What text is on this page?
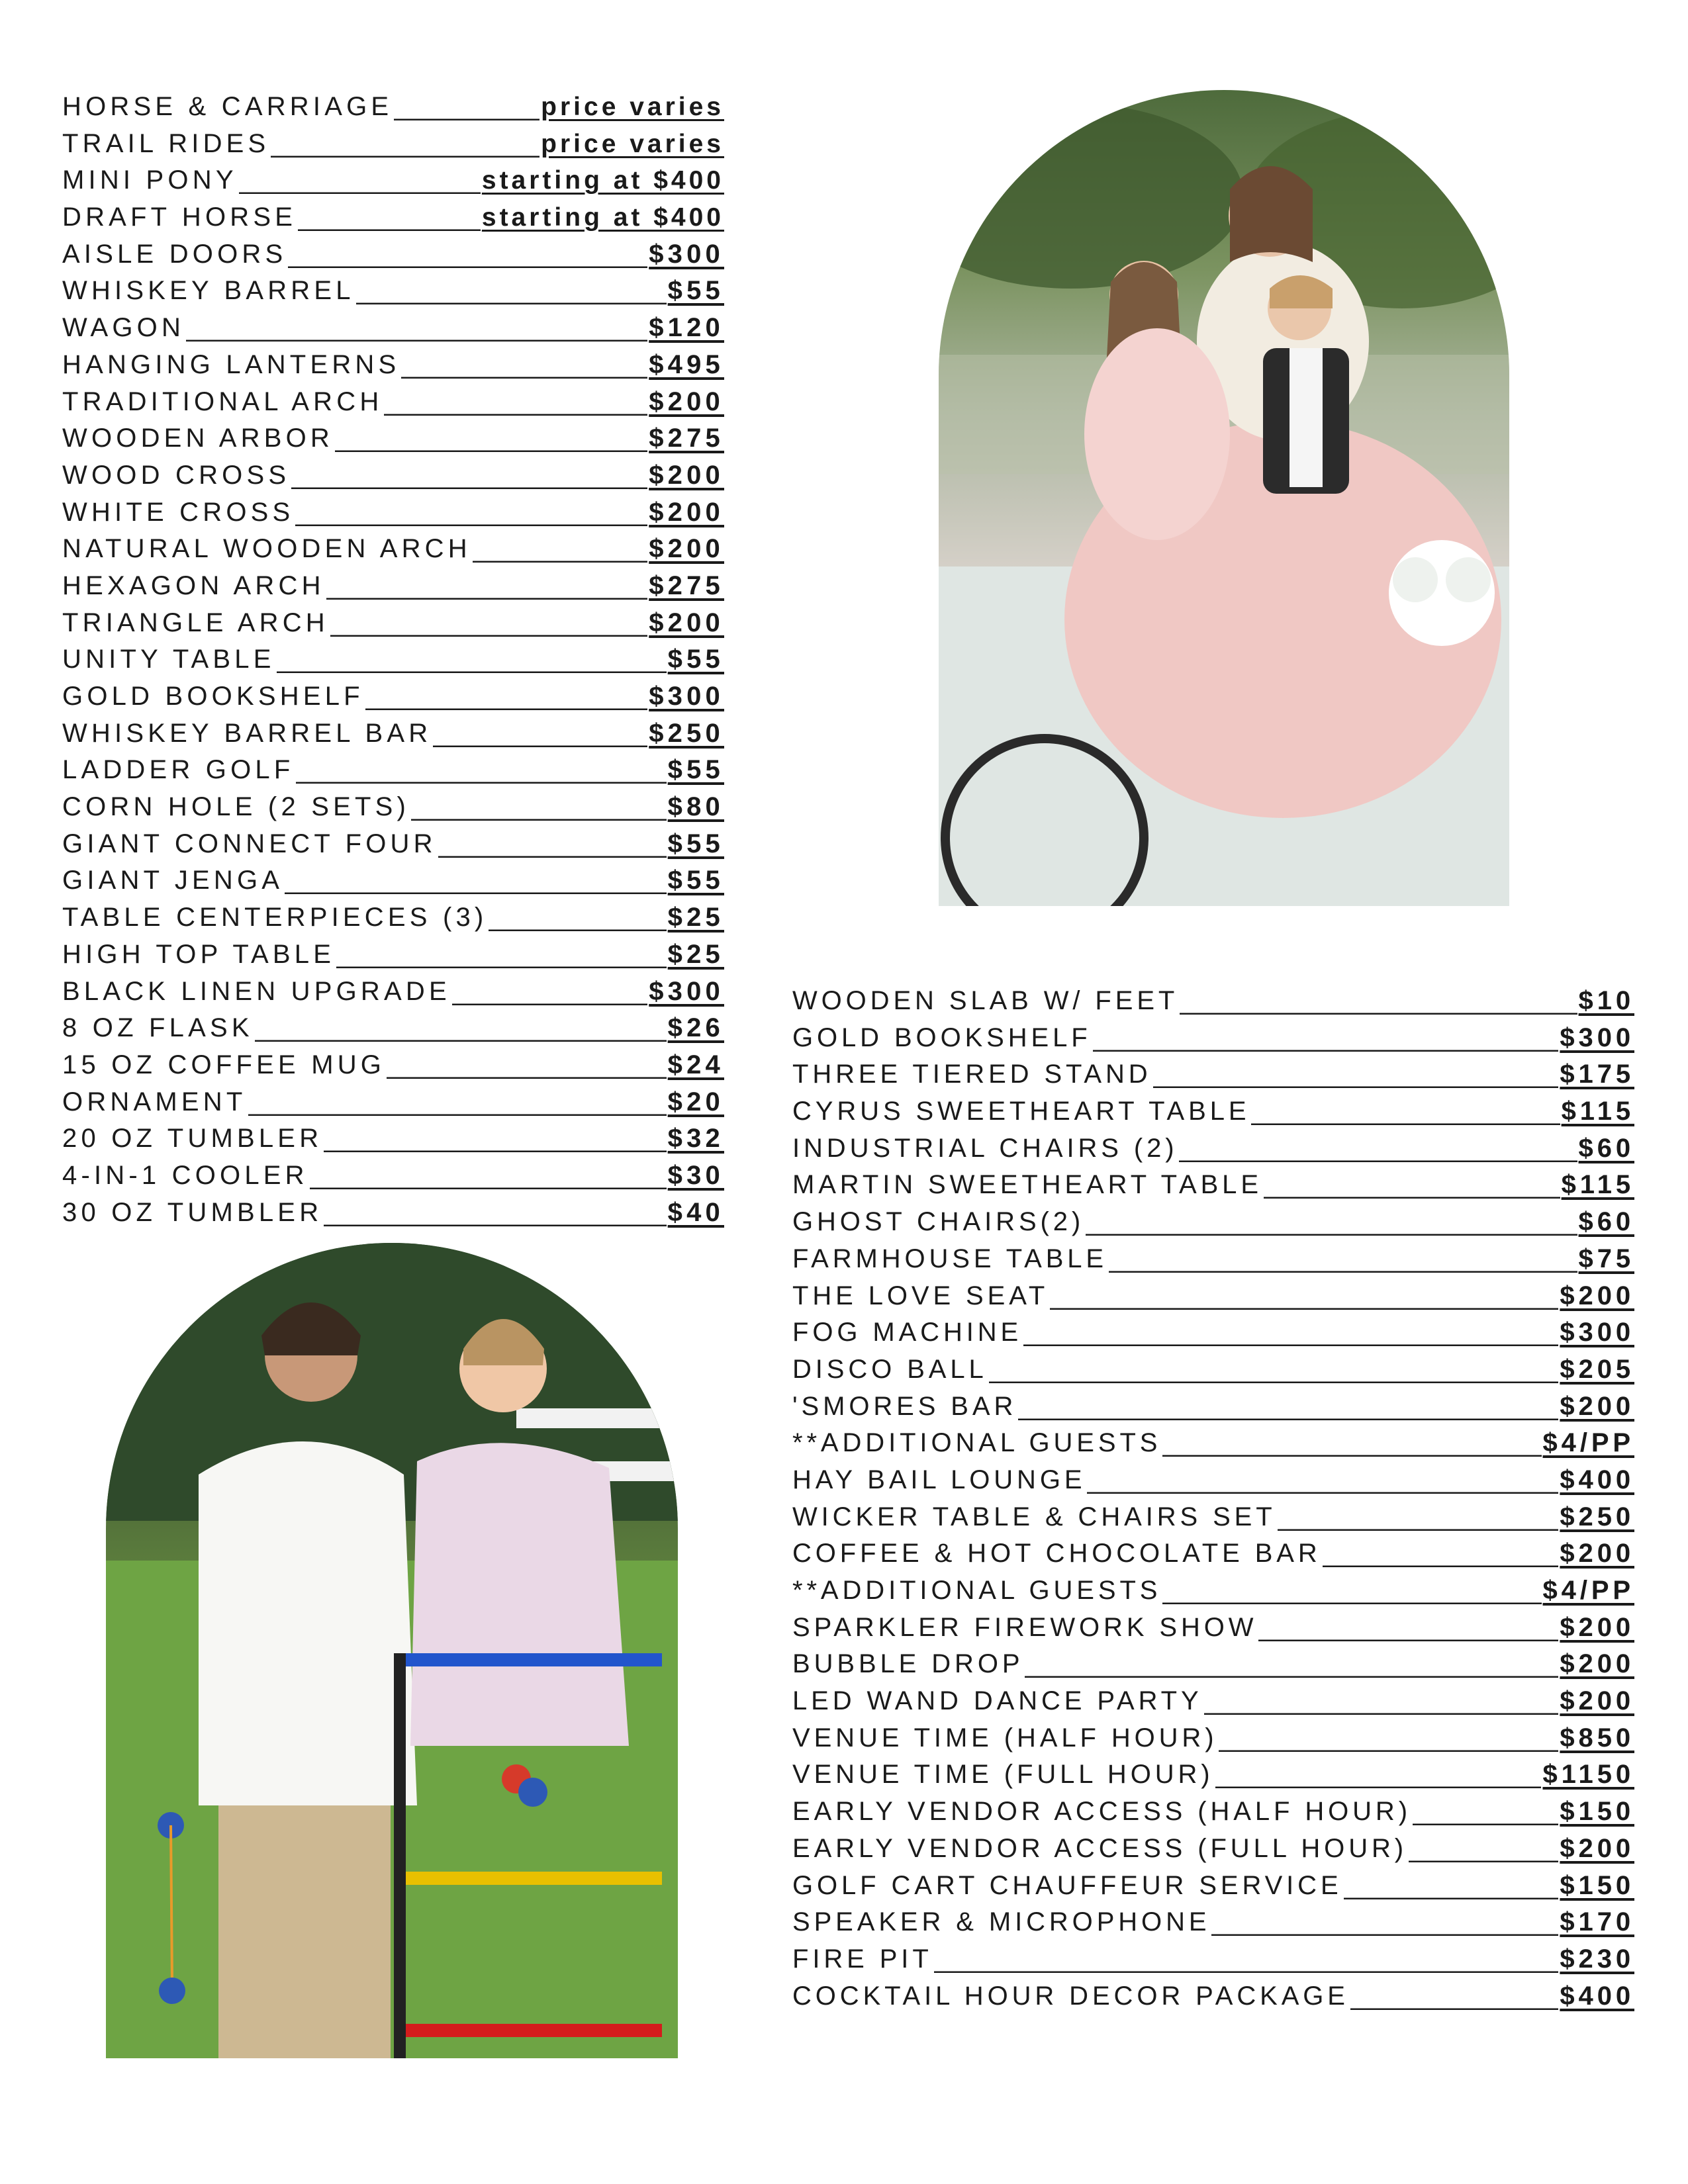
HORSE & CARRIAGE _____	price varies
TRAIL RIDES _____	price varies
MINI PONY _____	starting at $400
DRAFT HORSE _____	starting at $400
AISLE DOORS _____	$300
WHISKEY BARREL _____	$55
WAGON _____	$120
HANGING LANTERNS _____	$495
TRADITIONAL ARCH _____	$200
WOODEN ARBOR _____	$275
WOOD CROSS _____	$200
WHITE CROSS _____	$200
NATURAL WOODEN ARCH _____	$200
HEXAGON ARCH _____	$275
TRIANGLE ARCH _____	$200
UNITY TABLE _____	$55
GOLD BOOKSHELF _____	$300
WHISKEY BARREL BAR _____	$250
LADDER GOLF _____	$55
CORN HOLE (2 SETS) _____	$80
GIANT CONNECT FOUR _____	$55
GIANT JENGA _____	$55
TABLE CENTERPIECES (3) _____	$25
HIGH TOP TABLE _____	$25
BLACK LINEN UPGRADE _____	$300
8 OZ FLASK _____	$26
15 OZ COFFEE MUG _____	$24
ORNAMENT _____	$20
20 OZ TUMBLER _____	$32
4-IN-1 COOLER _____	$30
30 OZ TUMBLER _____	$40
WOODEN SLAB W/ FEET _____	$10
GOLD BOOKSHELF _____	$300
THREE TIERED STAND _____	$175
CYRUS SWEETHEART TABLE _____	$115
INDUSTRIAL CHAIRS (2) _____	$60
MARTIN SWEETHEART TABLE _____	$115
GHOST CHAIRS(2) _____	$60
FARMHOUSE TABLE _____	$75
THE LOVE SEAT _____	$200
FOG MACHINE _____	$300
DISCO BALL _____	$205
'SMORES BAR _____	$200
**ADDITIONAL GUESTS _____	$4/PP
HAY BAIL LOUNGE _____	$400
WICKER TABLE & CHAIRS SET _____	$250
COFFEE & HOT CHOCOLATE BAR _____	$200
**ADDITIONAL GUESTS _____	$4/PP
SPARKLER FIREWORK SHOW _____	$200
BUBBLE DROP _____	$200
LED WAND DANCE PARTY _____	$200
VENUE TIME (HALF HOUR) _____	$850
VENUE TIME (FULL HOUR) _____	$1150
EARLY VENDOR ACCESS (HALF HOUR) _____	$150
EARLY VENDOR ACCESS (FULL HOUR) _____	$200
GOLF CART CHAUFFEUR SERVICE _____	$150
SPEAKER & MICROPHONE _____	$170
FIRE PIT _____	$230
COCKTAIL HOUR DECOR PACKAGE _____	$400
